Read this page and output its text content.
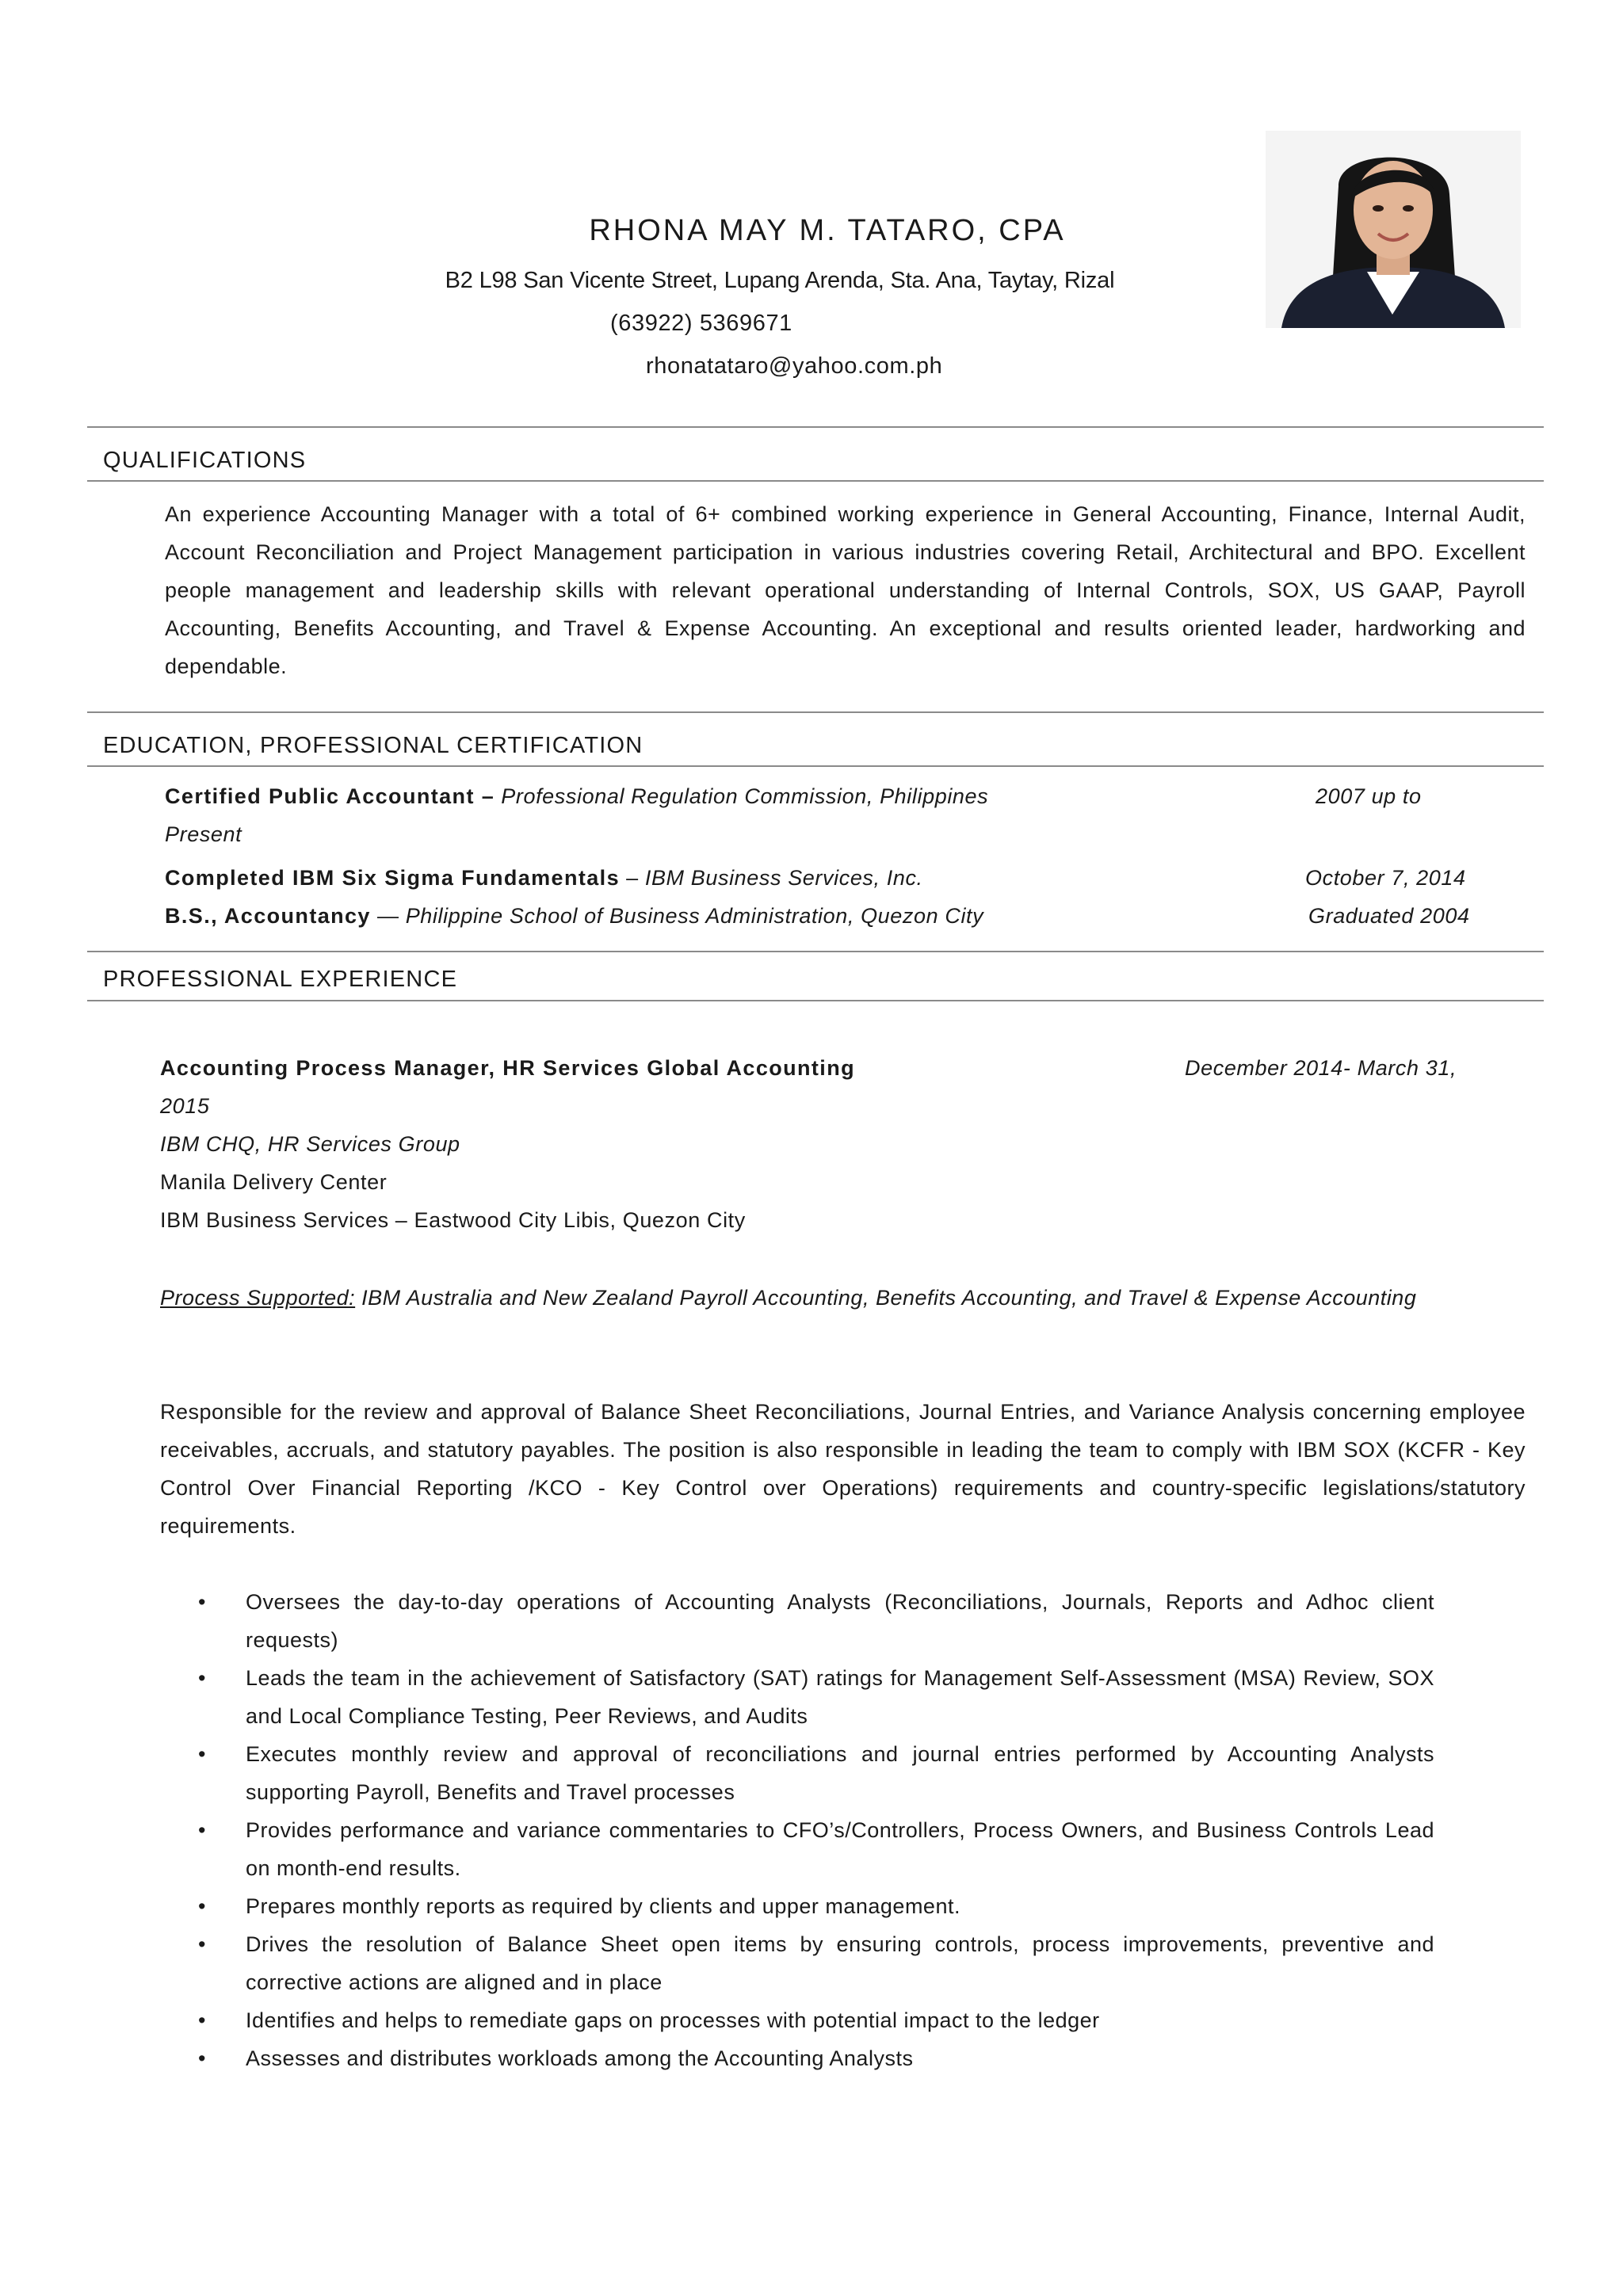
RHONA MAY M. TATARO, CPA
B2 L98 San Vicente Street, Lupang Arenda, Sta. Ana, Taytay, Rizal
(63922) 5369671
rhonatataro@yahoo.com.ph
QUALIFICATIONS
An experience Accounting Manager with a total of 6+ combined working experience in General Accounting, Finance, Internal Audit, Account Reconciliation and Project Management participation in various industries covering Retail, Architectural and BPO. Excellent people management and leadership skills with relevant operational understanding of Internal Controls, SOX, US GAAP, Payroll Accounting, Benefits Accounting, and Travel & Expense Accounting. An exceptional and results oriented leader, hardworking and dependable.
EDUCATION, PROFESSIONAL CERTIFICATION
Certified Public Accountant – Professional Regulation Commission, Philippines	2007 up to
Present
Completed IBM Six Sigma Fundamentals – IBM Business Services, Inc.	October 7, 2014
B.S., Accountancy — Philippine School of Business Administration, Quezon City	Graduated 2004
PROFESSIONAL EXPERIENCE
Accounting Process Manager, HR Services Global Accounting	December 2014- March 31,
2015
IBM CHQ, HR Services Group
Manila Delivery Center
IBM Business Services – Eastwood City Libis, Quezon City
Process Supported: IBM Australia and New Zealand Payroll Accounting, Benefits Accounting, and Travel & Expense Accounting
Responsible for the review and approval of Balance Sheet Reconciliations, Journal Entries, and Variance Analysis concerning employee receivables, accruals, and statutory payables. The position is also responsible in leading the team to comply with IBM SOX (KCFR - Key Control Over Financial Reporting /KCO - Key Control over Operations) requirements and country-specific legislations/statutory requirements.
• Oversees the day-to-day operations of Accounting Analysts (Reconciliations, Journals, Reports and Adhoc client requests)
• Leads the team in the achievement of Satisfactory (SAT) ratings for Management Self-Assessment (MSA) Review, SOX and Local Compliance Testing, Peer Reviews, and Audits
• Executes monthly review and approval of reconciliations and journal entries performed by Accounting Analysts supporting Payroll, Benefits and Travel processes
• Provides performance and variance commentaries to CFO’s/Controllers, Process Owners, and Business Controls Lead on month-end results.
• Prepares monthly reports as required by clients and upper management.
• Drives the resolution of Balance Sheet open items by ensuring controls, process improvements, preventive and corrective actions are aligned and in place
• Identifies and helps to remediate gaps on processes with potential impact to the ledger
• Assesses and distributes workloads among the Accounting Analysts
